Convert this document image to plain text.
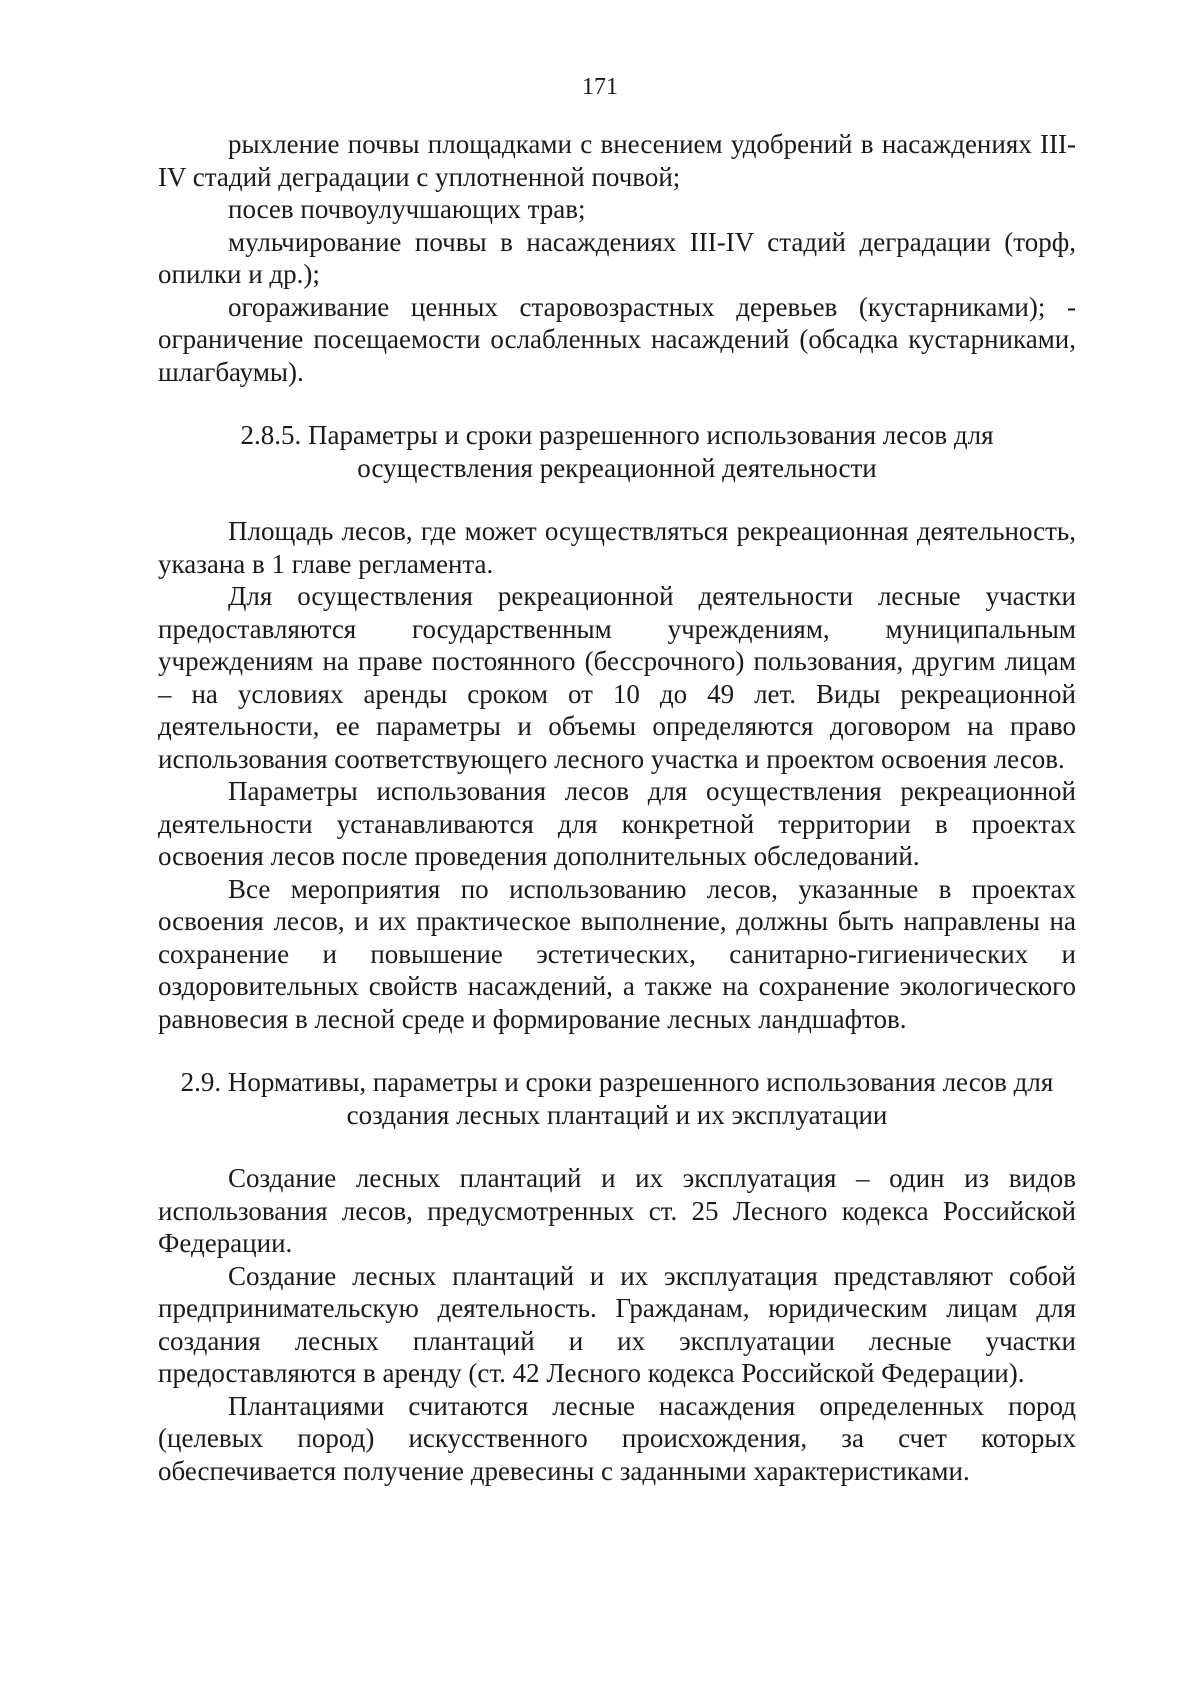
171

рыхление почвы площадками с внесением удобрений в насаждениях III-IV стадий деградации с уплотненной почвой;

посев почвоулучшающих трав;

мульчирование почвы в насаждениях III-IV стадий деградации (торф, опилки и др.);

огораживание ценных старовозрастных деревьев (кустарниками); - ограничение посещаемости ослабленных насаждений (обсадка кустарниками, шлагбаумы).

2.8.5. Параметры и сроки разрешенного использования лесов для
осуществления рекреационной деятельности

Площадь лесов, где может осуществляться рекреационная деятельность, указана в 1 главе регламента.

Для осуществления рекреационной деятельности лесные участки предоставляются государственным учреждениям, муниципальным учреждениям на праве постоянного (бессрочного) пользования, другим лицам – на условиях аренды сроком от 10 до 49 лет. Виды рекреационной деятельности, ее параметры и объемы определяются договором на право использования соответствующего лесного участка и проектом освоения лесов.

Параметры использования лесов для осуществления рекреационной деятельности устанавливаются для конкретной территории в проектах освоения лесов после проведения дополнительных обследований.

Все мероприятия по использованию лесов, указанные в проектах освоения лесов, и их практическое выполнение, должны быть направлены на сохранение и повышение эстетических, санитарно-гигиенических и оздоровительных свойств насаждений, а также на сохранение экологического равновесия в лесной среде и формирование лесных ландшафтов.

2.9. Нормативы, параметры и сроки разрешенного использования лесов для
создания лесных плантаций и их эксплуатации

Создание лесных плантаций и их эксплуатация – один из видов использования лесов, предусмотренных ст. 25 Лесного кодекса Российской Федерации.

Создание лесных плантаций и их эксплуатация представляют собой предпринимательскую деятельность. Гражданам, юридическим лицам для создания лесных плантаций и их эксплуатации лесные участки предоставляются в аренду (ст. 42 Лесного кодекса Российской Федерации).

Плантациями считаются лесные насаждения определенных пород (целевых пород) искусственного происхождения, за счет которых обеспечивается получение древесины с заданными характеристиками.
